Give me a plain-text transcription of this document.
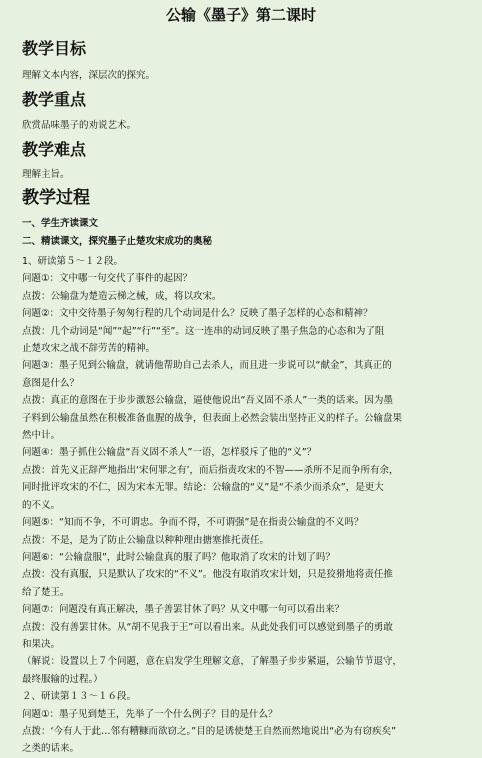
公输《墨子》第二课时
教学目标
理解文本内容，深层次的探究。
教学重点
欣赏品味墨子的劝说艺术。
教学难点
理解主旨。
教学过程
一、学生齐读课文
二、精读课文，探究墨子止楚攻宋成功的奥秘

1、研读第５～１２段。

问题①：文中哪一句交代了事件的起因？

点拨：公输盘为楚造云梯之械，成，将以攻宋。

问题②：文中交待墨子匆匆行程的几个动词是什么？反映了墨子怎样的心态和精神？

点拨：几个动词是“闻”“起”“行”“至”。这一连串的动词反映了墨子焦急的心态和为了阻

止楚攻宋之战不辞劳苦的精神。

问题③：墨子见到公输盘，就请他帮助自己去杀人，而且进一步说可以“献金”，其真正的

意图是什么？

点拨：真正的意图在于步步激怒公输盘，逼使他说出“吾义固不杀人”一类的话来。因为墨

子料到公输盘虽然在积极准备血腥的战争，但表面上必然会装出坚持正义的样子。公输盘果

然中计。

问题④：墨子抓住公输盘“吾义固不杀人”一语，怎样驳斥了他的“义”？

点拨：首先义正辞严地指出‘宋何罪之有’，而后指责攻宋的不智——杀所不足而争所有余，

同时批评攻宋的不仁，因为宋本无罪。结论：公输盘的“义”是“不杀少而杀众”，是更大

的不义。

问题⑤：“知而不争，不可谓忠。争而不得，不可谓强”是在指责公输盘的不义吗？

点拨：不是，是为了防止公输盘以种种理由搪塞推托责任。

问题⑥：“公输盘服”，此时公输盘真的服了吗？他取消了攻宋的计划了吗？

点拨：没有真服，只是默认了攻宋的“不义”。他没有取消攻宋计划，只是狡猾地将责任推

给了楚王。

问题⑦：问题没有真正解决，墨子善罢甘休了吗？从文中哪一句可以看出来？

点拨：没有善罢甘休。从“胡不见我于王”可以看出来。从此处我们可以感觉到墨子的勇敢

和果决。

（解说：设置以上７个问题，意在启发学生理解文意，了解墨子步步紧逼，公输节节退守，

最终服输的过程。）

２、研读第１３～１６段。

问题①：墨子见到楚王，先举了一个什么例子？目的是什么？

点拨：‘今有人于此…邻有糟糠而欲窃之。”目的是诱使楚王自然而然地说出“必为有窃疾矣”

之类的话来。
